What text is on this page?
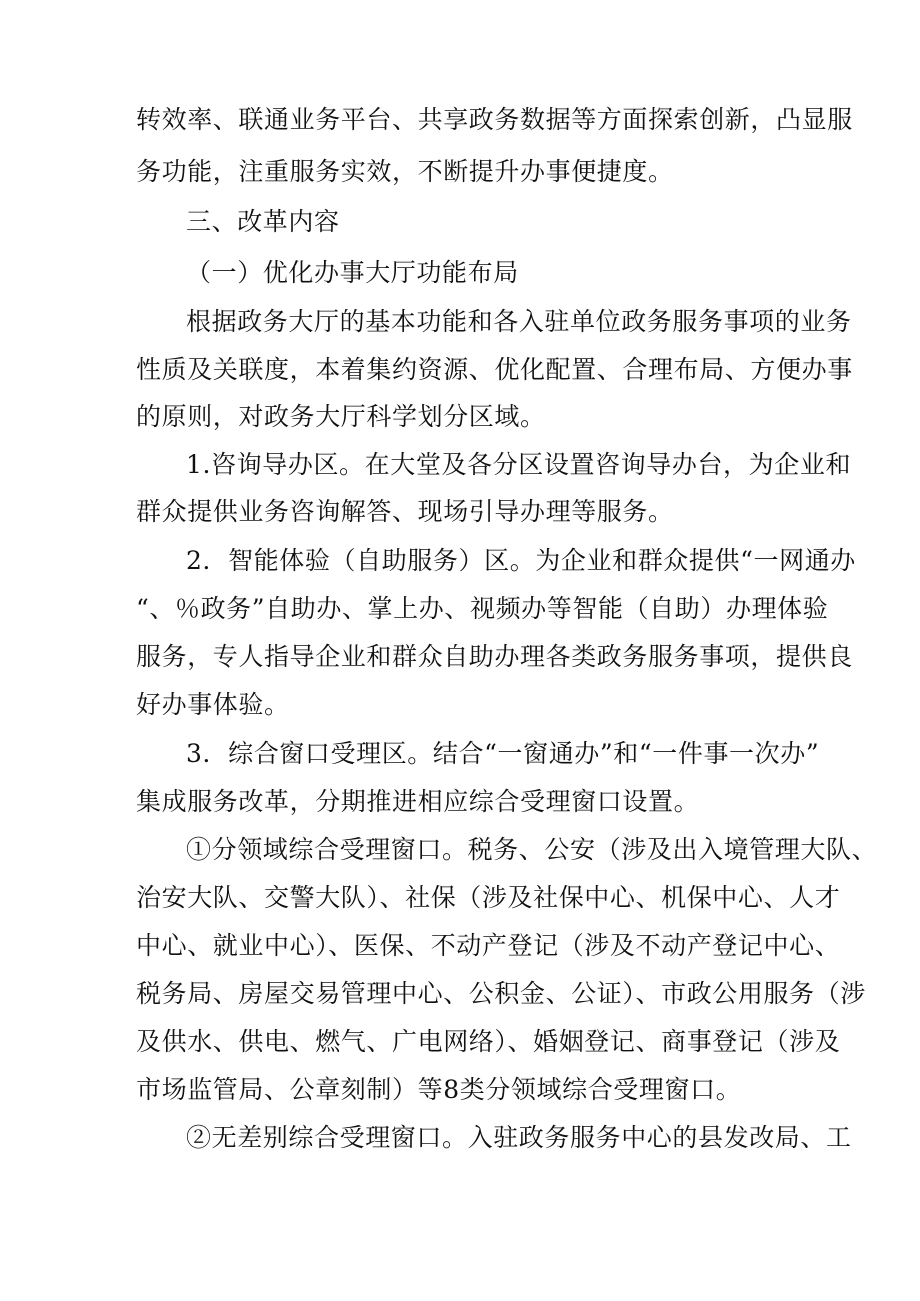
转效率、联通业务平台、共享政务数据等方面探索创新，凸显服
务功能，注重服务实效，不断提升办事便捷度。
三、改革内容
（一）优化办事大厅功能布局
根据政务大厅的基本功能和各入驻单位政务服务事项的业务
性质及关联度，本着集约资源、优化配置、合理布局、方便办事
的原则，对政务大厅科学划分区域。
1.咨询导办区。在大堂及各分区设置咨询导办台，为企业和
群众提供业务咨询解答、现场引导办理等服务。
2．智能体验（自助服务）区。为企业和群众提供“一网通办
“、％政务”自助办、掌上办、视频办等智能（自助）办理体验
服务，专人指导企业和群众自助办理各类政务服务事项，提供良
好办事体验。
3．综合窗口受理区。结合“一窗通办”和“一件事一次办”
集成服务改革，分期推进相应综合受理窗口设置。
①分领域综合受理窗口。税务、公安（涉及出入境管理大队、
治安大队、交警大队）、社保（涉及社保中心、机保中心、人才
中心、就业中心）、医保、不动产登记（涉及不动产登记中心、
税务局、房屋交易管理中心、公积金、公证）、市政公用服务（涉
及供水、供电、燃气、广电网络）、婚姻登记、商事登记（涉及
市场监管局、公章刻制）等8类分领域综合受理窗口。
②无差别综合受理窗口。入驻政务服务中心的县发改局、工
